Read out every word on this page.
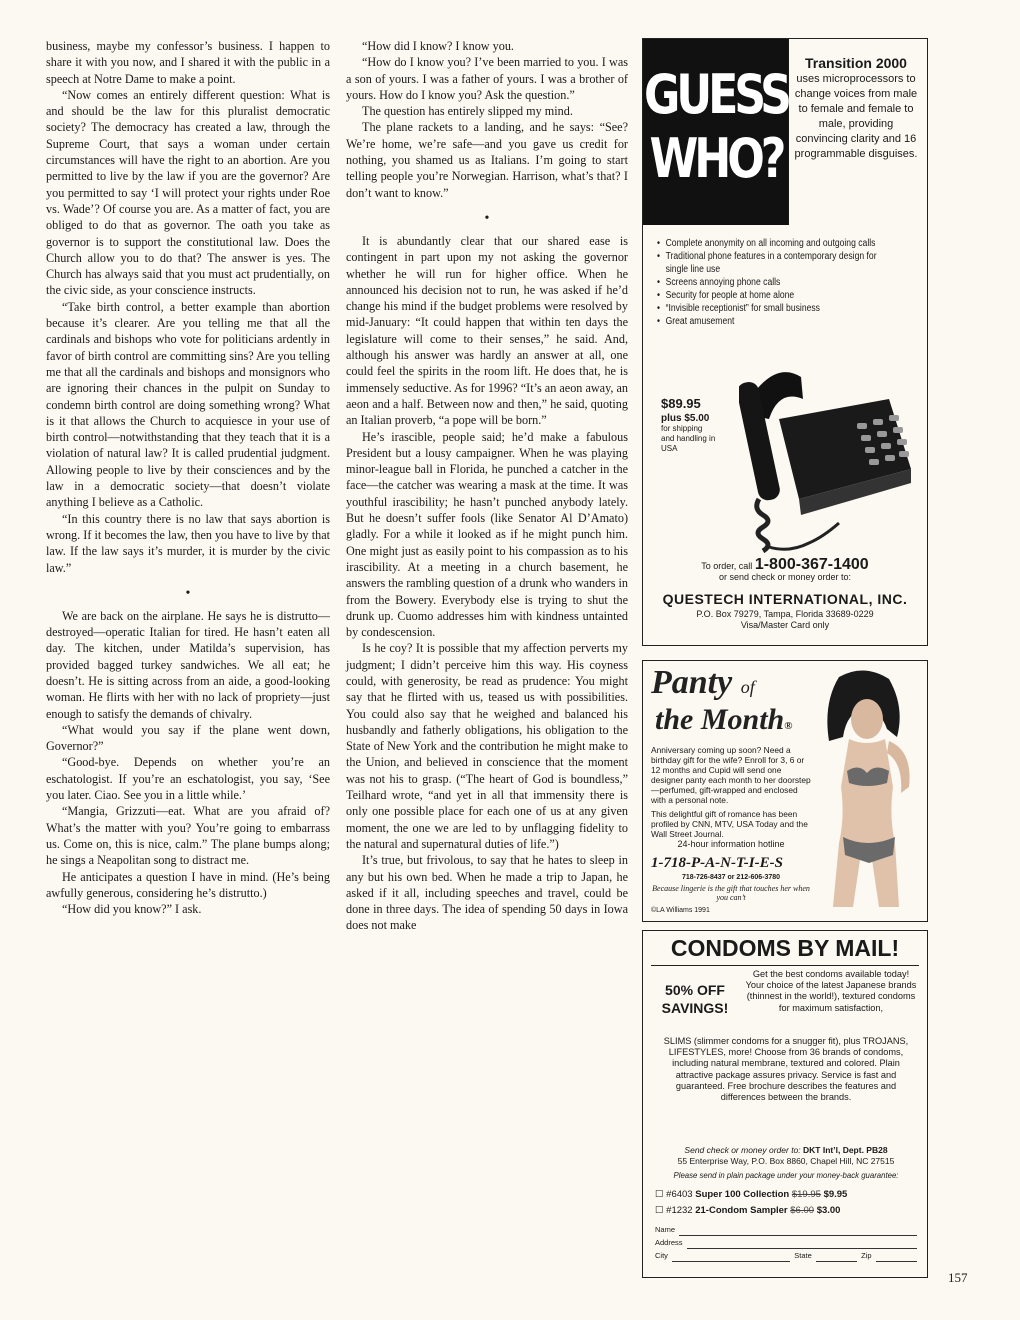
business, maybe my confessor’s business. I happen to share it with you now, and I shared it with the public in a speech at Notre Dame to make a point.

“Now comes an entirely different question: What is and should be the law for this pluralist democratic society? The democracy has created a law, through the Supreme Court, that says a woman under certain circumstances will have the right to an abortion. Are you permitted to live by the law if you are the governor? Are you permitted to say ‘I will protect your rights under Roe vs. Wade’? Of course you are. As a matter of fact, you are obliged to do that as governor. The oath you take as governor is to support the constitutional law. Does the Church allow you to do that? The answer is yes. The Church has always said that you must act prudentially, on the civic side, as your conscience instructs.

“Take birth control, a better example than abortion because it’s clearer. Are you telling me that all the cardinals and bishops who vote for politicians ardently in favor of birth control are committing sins? Are you telling me that all the cardinals and bishops and monsignors who are ignoring their chances in the pulpit on Sunday to condemn birth control are doing something wrong? What is it that allows the Church to acquiesce in your use of birth control—notwithstanding that they teach that it is a violation of natural law? It is called prudential judgment. Allowing people to live by their consciences and by the law in a democratic society—that doesn’t violate anything I believe as a Catholic.

“In this country there is no law that says abortion is wrong. If it becomes the law, then you have to live by that law. If the law says it’s murder, it is murder by the civic law.”

•

We are back on the airplane. He says he is distrutto—destroyed—operatic Italian for tired. He hasn’t eaten all day. The kitchen, under Matilda’s supervision, has provided bagged turkey sandwiches. We all eat; he doesn’t. He is sitting across from an aide, a good-looking woman. He flirts with her with no lack of propriety—just enough to satisfy the demands of chivalry.

“What would you say if the plane went down, Governor?”

“Good-bye. Depends on whether you’re an eschatologist. If you’re an eschatologist, you say, ‘See you later. Ciao. See you in a little while.’

“Mangia, Grizzuti—eat. What are you afraid of? What’s the matter with you? You’re going to embarrass us. Come on, this is nice, calm.” The plane bumps along; he sings a Neapolitan song to distract me.

He anticipates a question I have in mind. (He’s being awfully generous, considering he’s distrutto.)

“How did you know?” I ask.

“How did I know? I know you.

“How do I know you? I’ve been married to you. I was a son of yours. I was a father of yours. I was a brother of yours. How do I know you? Ask the question.”

The question has entirely slipped my mind.

The plane rackets to a landing, and he says: “See? We’re home, we’re safe—and you gave us credit for nothing, you shamed us as Italians. I’m going to start telling people you’re Norwegian. Harrison, what’s that? I don’t want to know.”

•

It is abundantly clear that our shared ease is contingent in part upon my not asking the governor whether he will run for higher office. When he announced his decision not to run, he was asked if he’d change his mind if the budget problems were resolved by mid-January: “It could happen that within ten days the legislature will come to their senses,” he said. And, although his answer was hardly an answer at all, one could feel the spirits in the room lift. He does that, he is immensely seductive. As for 1996? “It’s an aeon away, an aeon and a half. Between now and then,” he said, quoting an Italian proverb, “a pope will be born.”

He’s irascible, people said; he’d make a fabulous President but a lousy campaigner. When he was playing minor-league ball in Florida, he punched a catcher in the face—the catcher was wearing a mask at the time. It was youthful irascibility; he hasn’t punched anybody lately. But he doesn’t suffer fools (like Senator Al D’Amato) gladly. For a while it looked as if he might punch him. One might just as easily point to his compassion as to his irascibility. At a meeting in a church basement, he answers the rambling question of a drunk who wanders in from the Bowery. Everybody else is trying to shut the drunk up. Cuomo addresses him with kindness untainted by condescension.

Is he coy? It is possible that my affection perverts my judgment; I didn’t perceive him this way. His coyness could, with generosity, be read as prudence: You might say that he flirted with us, teased us with possibilities. You could also say that he weighed and balanced his husbandly and fatherly obligations, his obligation to the State of New York and the contribution he might make to the Union, and believed in conscience that the moment was not his to grasp. (“The heart of God is boundless,” Teilhard wrote, “and yet in all that immensity there is only one possible place for each one of us at any given moment, the one we are led to by unflagging fidelity to the natural and supernatural duties of life.”)

It’s true, but frivolous, to say that he hates to sleep in any but his own bed. When he made a trip to Japan, he asked if it all, including speeches and travel, could be done in three days. The idea of spending 50 days in Iowa does not make

GUESS
WHO?
Transition 2000
uses microprocessors to change voices from male to female and female to male, providing convincing clarity and 16 programmable disguises.
• Complete anonymity on all incoming and outgoing calls
• Traditional phone features in a contemporary design for single line use
• Screens annoying phone calls
• Security for people at home alone
• “Invisible receptionist” for small business
• Great amusement
$89.95
plus $5.00
for shipping and handling in USA
To order, call 1-800-367-1400
or send check or money order to:
QUESTECH INTERNATIONAL, INC.
P.O. Box 79279, Tampa, Florida 33689-0229
Visa/Master Card only
Panty of
the Month®
Anniversary coming up soon? Need a birthday gift for the wife? Enroll for 3, 6 or 12 months and Cupid will send one designer panty each month to her doorstep—perfumed, gift-wrapped and enclosed with a personal note.
This delightful gift of romance has been profiled by CNN, MTV, USA Today and the Wall Street Journal.
24-hour information hotline
1-718-P-A-N-T-I-E-S
718-726-8437 or 212-606-3780
Because lingerie is the gift that touches her when you can’t
©LA Williams 1991
CONDOMS BY MAIL!
50% OFF
SAVINGS!
Get the best condoms available today! Your choice of the latest Japanese brands (thinnest in the world!), textured condoms for maximum satisfaction,
SLIMS (slimmer condoms for a snugger fit), plus TROJANS, LIFESTYLES, more! Choose from 36 brands of condoms, including natural membrane, textured and colored. Plain attractive package assures privacy. Service is fast and guaranteed. Free brochure describes the features and differences between the brands.
Send check or money order to: DKT Int’l, Dept. PB28
55 Enterprise Way, P.O. Box 8860, Chapel Hill, NC 27515
Please send in plain package under your money-back guarantee:
☐ #6403 Super 100 Collection $19.95 $9.95
☐ #1232 21-Condom Sampler $6.00 $3.00
Name
Address
City	State	Zip
157
